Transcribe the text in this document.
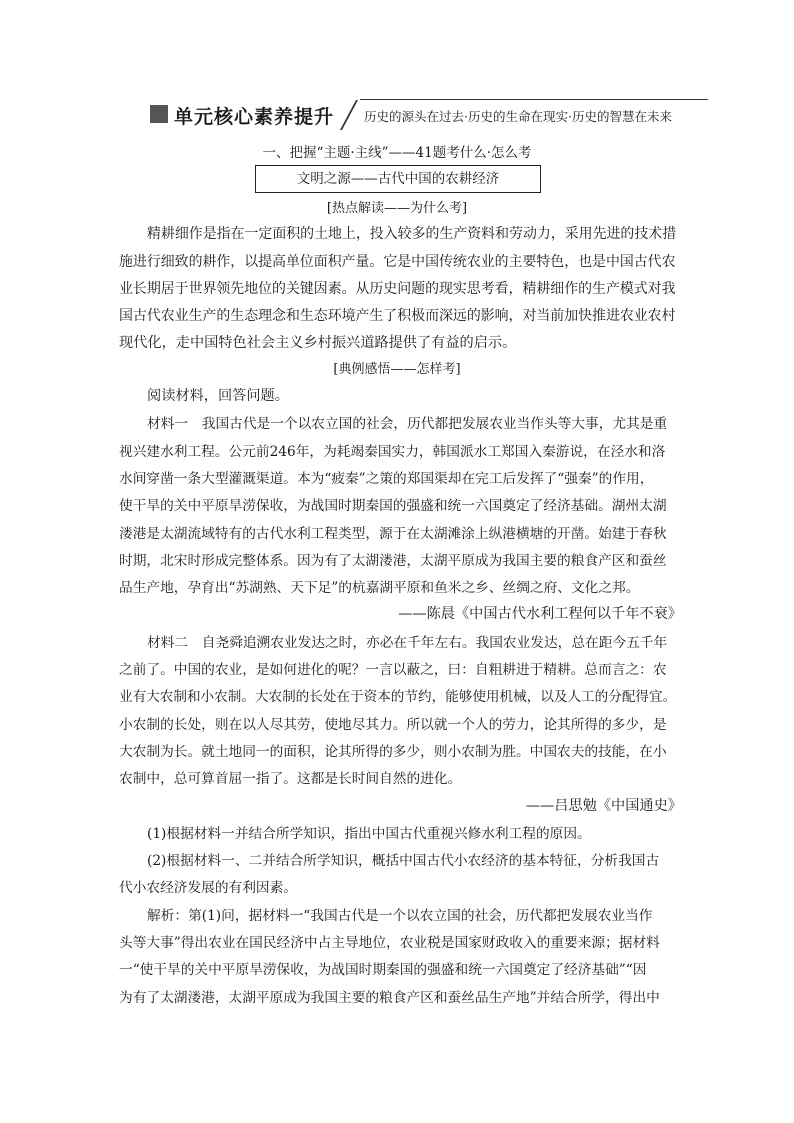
单元核心素养提升 历史的源头在过去·历史的生命在现实·历史的智慧在未来
一、把握“主题·主线”——41题考什么·怎么考
文明之源——古代中国的农耕经济
[热点解读——为什么考]
精耕细作是指在一定面积的土地上，投入较多的生产资料和劳动力，采用先进的技术措
施进行细致的耕作，以提高单位面积产量。它是中国传统农业的主要特色，也是中国古代农
业长期居于世界领先地位的关键因素。从历史问题的现实思考看，精耕细作的生产模式对我
国古代农业生产的生态理念和生态环境产生了积极而深远的影响，对当前加快推进农业农村
现代化，走中国特色社会主义乡村振兴道路提供了有益的启示。
[典例感悟——怎样考]
阅读材料，回答问题。
材料一　我国古代是一个以农立国的社会，历代都把发展农业当作头等大事，尤其是重
视兴建水利工程。公元前246年，为耗竭秦国实力，韩国派水工郑国入秦游说，在泾水和洛
水间穿凿一条大型灌溉渠道。本为“疲秦”之策的郑国渠却在完工后发挥了“强秦”的作用，
使干旱的关中平原旱涝保收，为战国时期秦国的强盛和统一六国奠定了经济基础。湖州太湖
溇港是太湖流域特有的古代水利工程类型，源于在太湖滩涂上纵港横塘的开凿。始建于春秋
时期，北宋时形成完整体系。因为有了太湖溇港，太湖平原成为我国主要的粮食产区和蚕丝
品生产地，孕育出“苏湖熟、天下足”的杭嘉湖平原和鱼米之乡、丝绸之府、文化之邦。
——陈晨《中国古代水利工程何以千年不衰》
材料二　自尧舜追溯农业发达之时，亦必在千年左右。我国农业发达，总在距今五千年
之前了。中国的农业，是如何进化的呢？一言以蔽之，曰：自粗耕进于精耕。总而言之：农
业有大农制和小农制。大农制的长处在于资本的节约，能够使用机械，以及人工的分配得宜。
小农制的长处，则在以人尽其劳，使地尽其力。所以就一个人的劳力，论其所得的多少，是
大农制为长。就土地同一的面积，论其所得的多少，则小农制为胜。中国农夫的技能，在小
农制中，总可算首屈一指了。这都是长时间自然的进化。
——吕思勉《中国通史》
(1)根据材料一并结合所学知识，指出中国古代重视兴修水利工程的原因。
(2)根据材料一、二并结合所学知识，概括中国古代小农经济的基本特征，分析我国古
代小农经济发展的有利因素。
解析：第(1)问，据材料一“我国古代是一个以农立国的社会，历代都把发展农业当作
头等大事”得出农业在国民经济中占主导地位，农业税是国家财政收入的重要来源；据材料
一“使干旱的关中平原旱涝保收，为战国时期秦国的强盛和统一六国奠定了经济基础”“因
为有了太湖溇港，太湖平原成为我国主要的粮食产区和蚕丝品生产地”并结合所学，得出中
